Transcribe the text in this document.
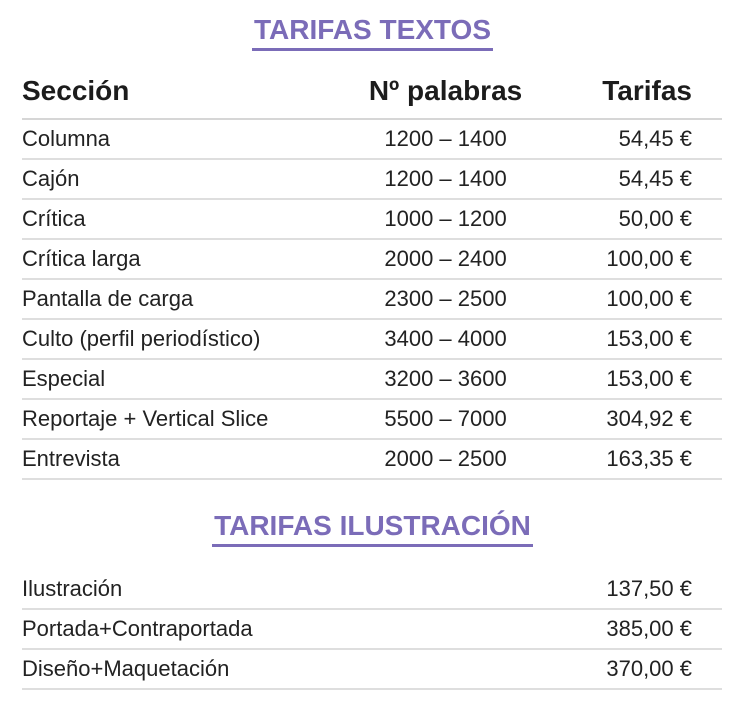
TARIFAS TEXTOS
Sección	Nº palabras	Tarifas
Columna	1200 – 1400	54,45 €
Cajón	1200 – 1400	54,45 €
Crítica	1000 – 1200	50,00 €
Crítica larga	2000 – 2400	100,00 €
Pantalla de carga	2300 – 2500	100,00 €
Culto (perfil periodístico)	3400 – 4000	153,00 €
Especial	3200 – 3600	153,00 €
Reportaje + Vertical Slice	5500 – 7000	304,92 €
Entrevista	2000 – 2500	163,35 €
TARIFAS ILUSTRACIÓN
Ilustración		137,50 €
Portada+Contraportada		385,00 €
Diseño+Maquetación		370,00 €
